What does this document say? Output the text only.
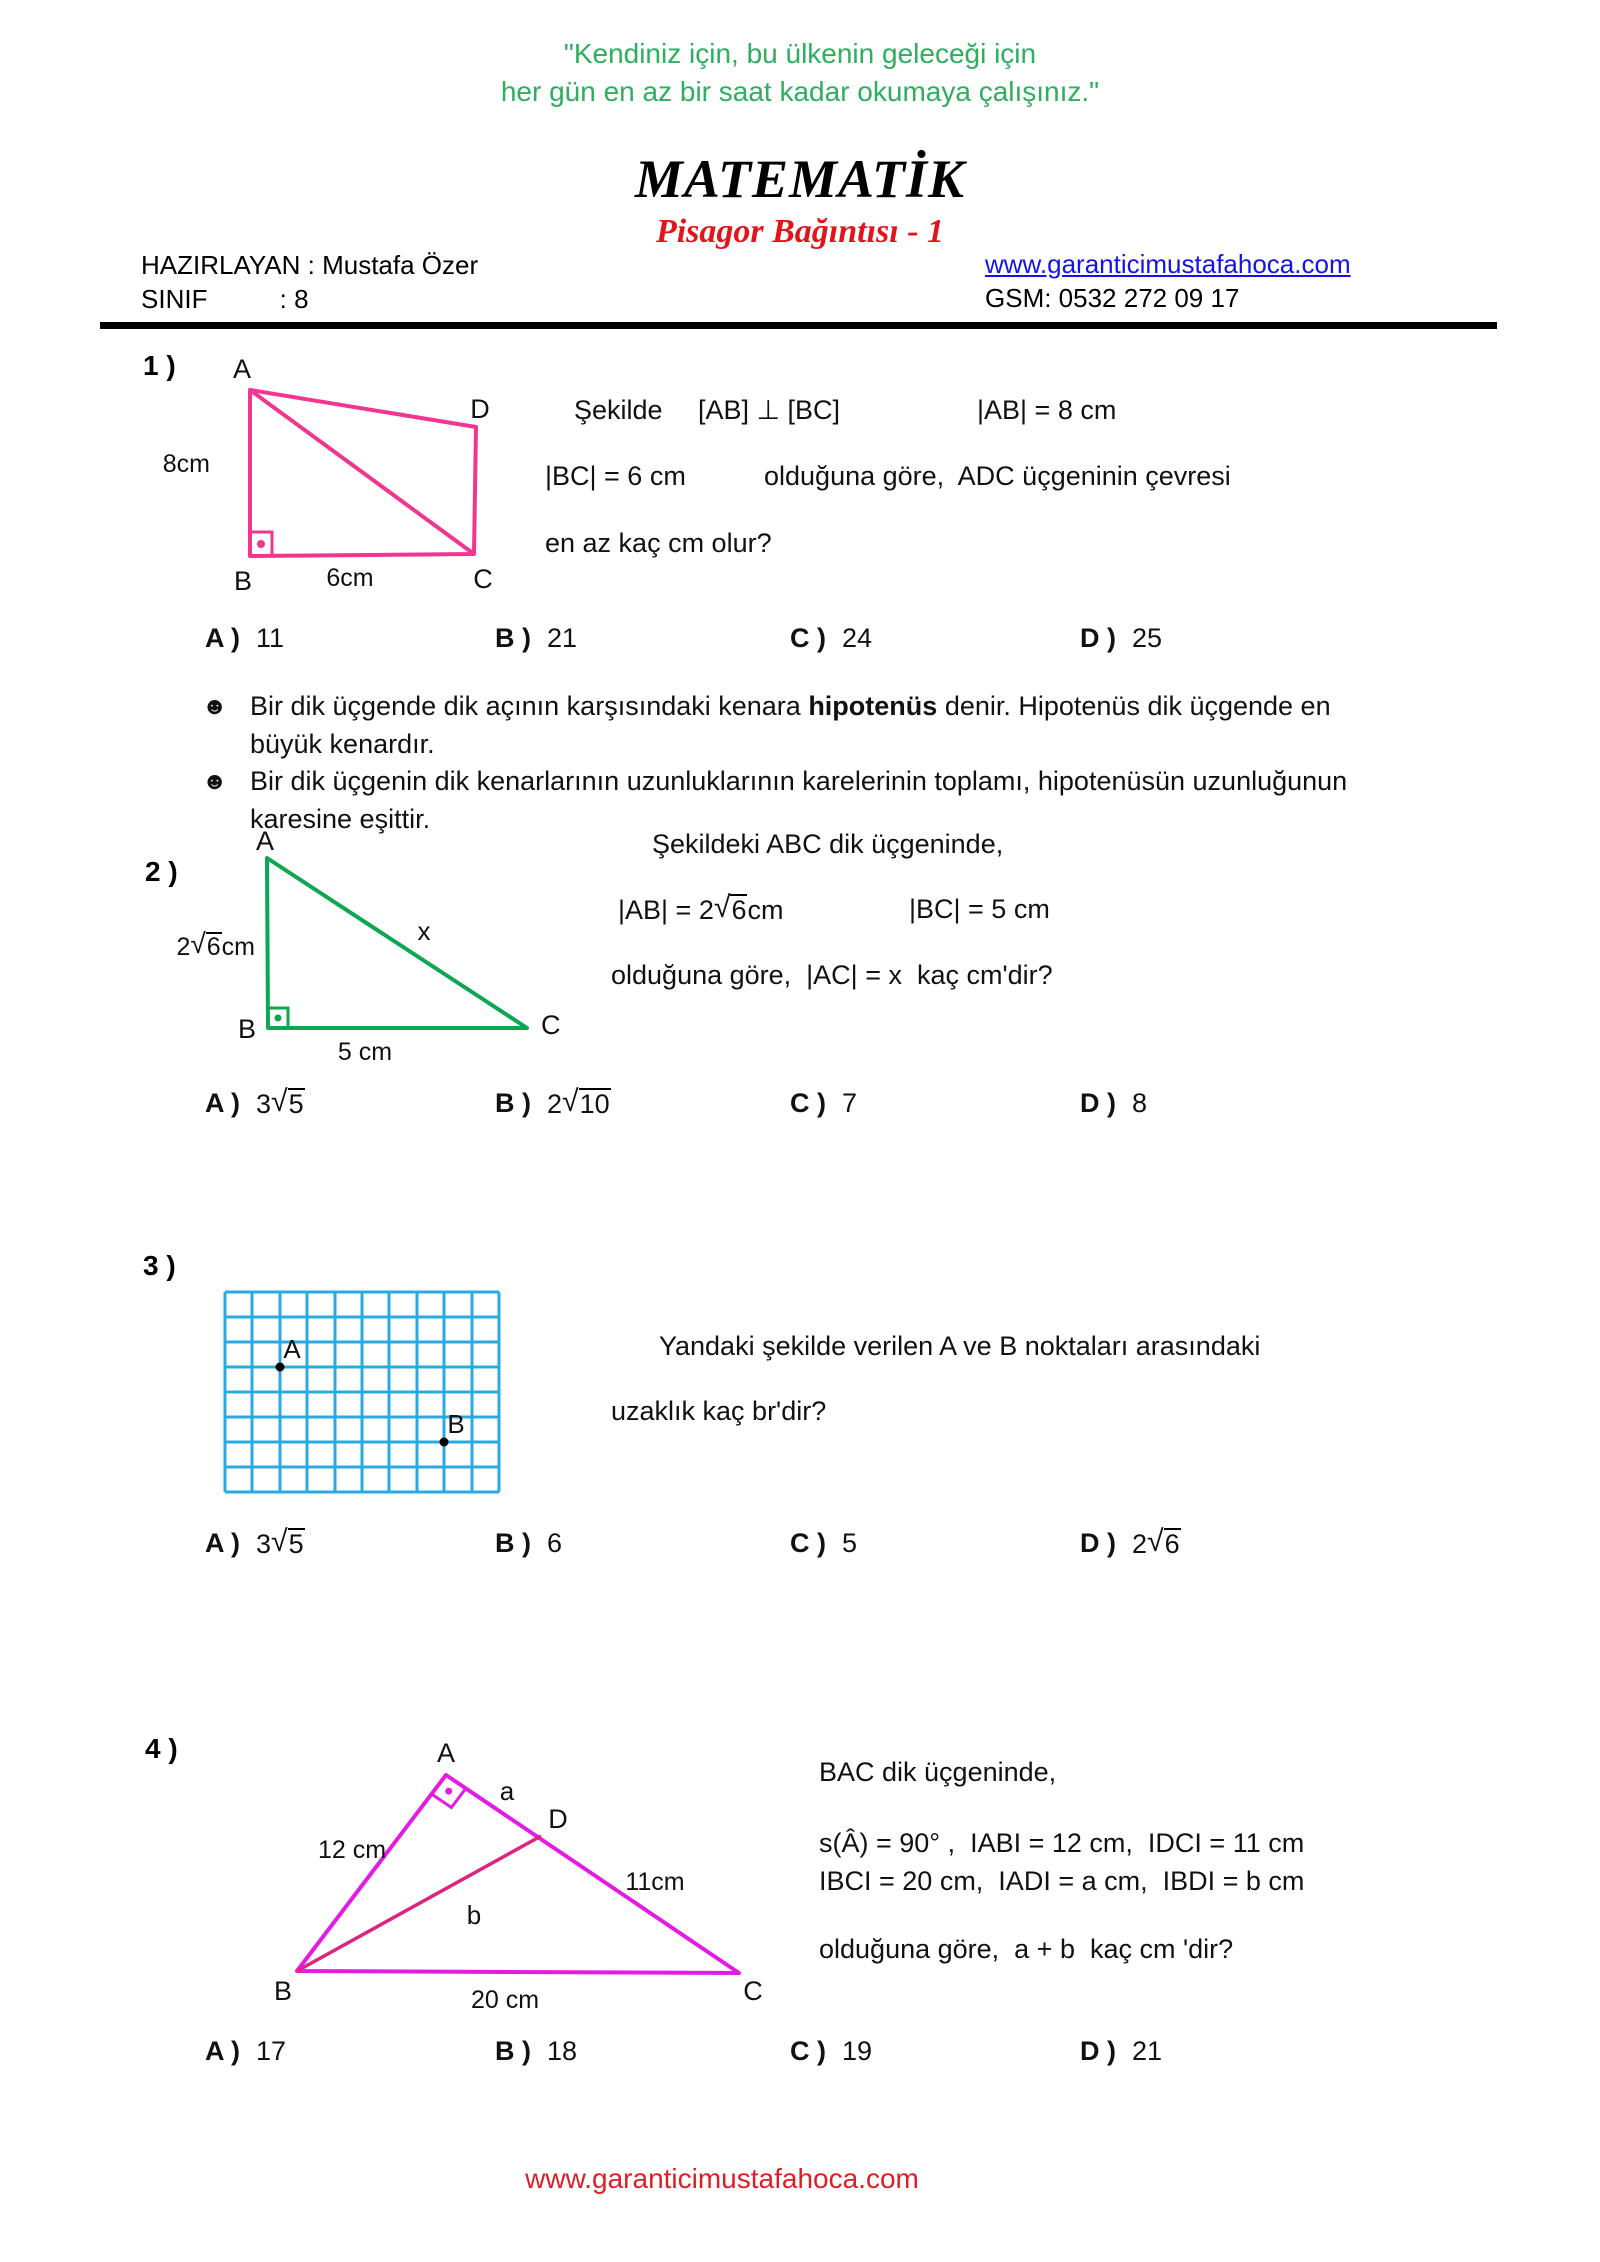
"Kendiniz için, bu ülkenin geleceği için
her gün en az bir saat kadar okumaya çalışınız."
MATEMATİK
Pisagor Bağıntısı - 1
HAZIRLAYAN : Mustafa Özer
SINIF          : 8
www.garanticimustafahoca.com
GSM: 0532 272 09 17
1 ) A
D
B	C
8cm
6cm
Şekilde [AB] ⊥ [BC]	|AB| = 8 cm
|BC| = 6 cm	olduğuna göre,  ADC üçgeninin çevresi
en az kaç cm olur?
A ) 11	B ) 21	C ) 24	D ) 25
☻ Bir dik üçgende dik açının karşısındaki kenara hipotenüs denir. Hipotenüs dik üçgende en
büyük kenardır.
☻ Bir dik üçgenin dik kenarlarının uzunluklarının karelerinin toplamı, hipotenüsün uzunluğunun
karesine eşittir.
2 )
A
B	C
x
5 cm
2√6cm
Şekildeki ABC dik üçgeninde,
|AB| = 2√6cm	|BC| = 5 cm
olduğuna göre,  |AC| = x  kaç cm'dir?
A ) 3√5	B ) 2√10	C ) 7	D ) 8
3 )
A
B
Yandaki şekilde verilen A ve B noktaları arasındaki
uzaklık kaç br'dir?
A ) 3√5	B ) 6	C ) 5	D ) 2√6
4 )	A
B	C
D
a
b
12 cm
11cm
20 cm
BAC dik üçgeninde,
s(Â) = 90° ,  IABI = 12 cm,  IDCI = 11 cm
IBCI = 20 cm,  IADI = a cm,  IBDI = b cm
olduğuna göre,  a + b  kaç cm 'dir?
A ) 17	B ) 18	C ) 19	D ) 21
www.garanticimustafahoca.com
